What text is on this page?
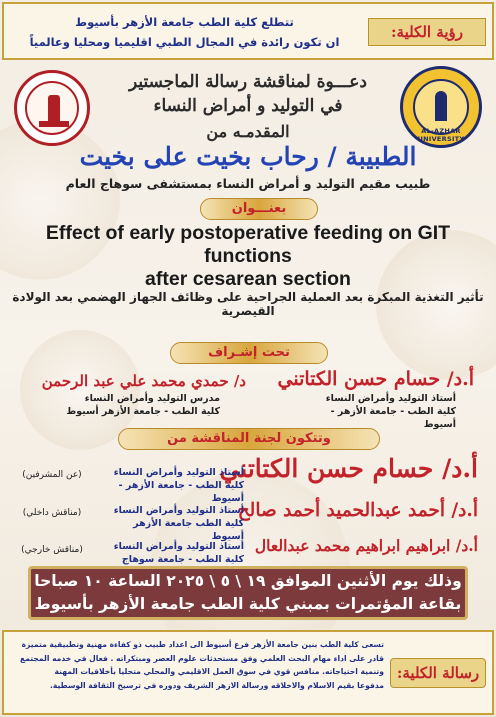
رؤية الكلية:
تتطلع كلية الطب جامعة الأزهر بأسيوط
ان تكون رائدة في المجال الطبي اقليميا ومحليا وعالمياً
AL-AZHAR UNIVERSITY
دعـــوة لمناقشة رسالة الماجستير
في التوليد و أمراض النساء
المقدمـه من
الطبيبة / رحاب بخيت على بخيت
طبيب مقيم التوليد و أمراض النساء بمستشفى سوهاج العام
بعنـــوان
Effect of early postoperative feeding on GIT functions
after cesarean section
تأثير التغذية المبكرة بعد العملية الجراحية على وظائف الجهاز الهضمي بعد الولادة القيصرية
تحت إشـراف
أ.د/ حسام حسن الكتاتني
أستاذ التوليد وأمراض النساء
كلية الطب - جامعة الأزهر - أسيوط
د/ حمدي محمد علي عبد الرحمن
مدرس التوليد وأمراض النساء
كلية الطب - جامعة الأزهر أسيوط
وتتكون لجنة المناقشة من
أ.د/ حسام حسن الكتاتني
أستاذ التوليد وأمراض النساء
كلية الطب - جامعة الأزهر - أسيوط
(عن المشرفين)
أ.د/ أحمد عبدالحميد أحمد صالح
أستاذ التوليد وأمراض النساء
كلية الطب جامعة الأزهر أسيوط
(مناقش داخلي)
أ.د/ ابراهيم ابراهيم محمد عبدالعال
أستاذ التوليد وأمراض النساء
كلية الطب - جامعة سوهاج
(مناقش خارجي)
وذلك يوم الأثنين الموافق ١٩ \ ٥ \ ٢٠٢٥ الساعة ١٠ صباحا
بقاعة المؤتمرات بمبني كلية الطب جامعة الأزهر بأسيوط
رسالة الكلية:
تسعى كلية الطب بنين جامعة الأزهر فرع أسيوط الى اعداد طبيب ذو كفاءة مهنية وتطبيقية متميزة
قادر على اداء مهام البحث العلمي وفق مستحدثات علوم العصر ومبتكراته . فعال في خدمه المجتمع
وتنمية احتياجاته. منافس قوي في سوق العمل الاقليمي والمحلي متحليا بأخلاقيات المهنة
مدفوعا بقيم الاسلام والاخلاقه ورسالة الازهر الشريف ودوره في ترسيخ الثقافة الوسطية.
